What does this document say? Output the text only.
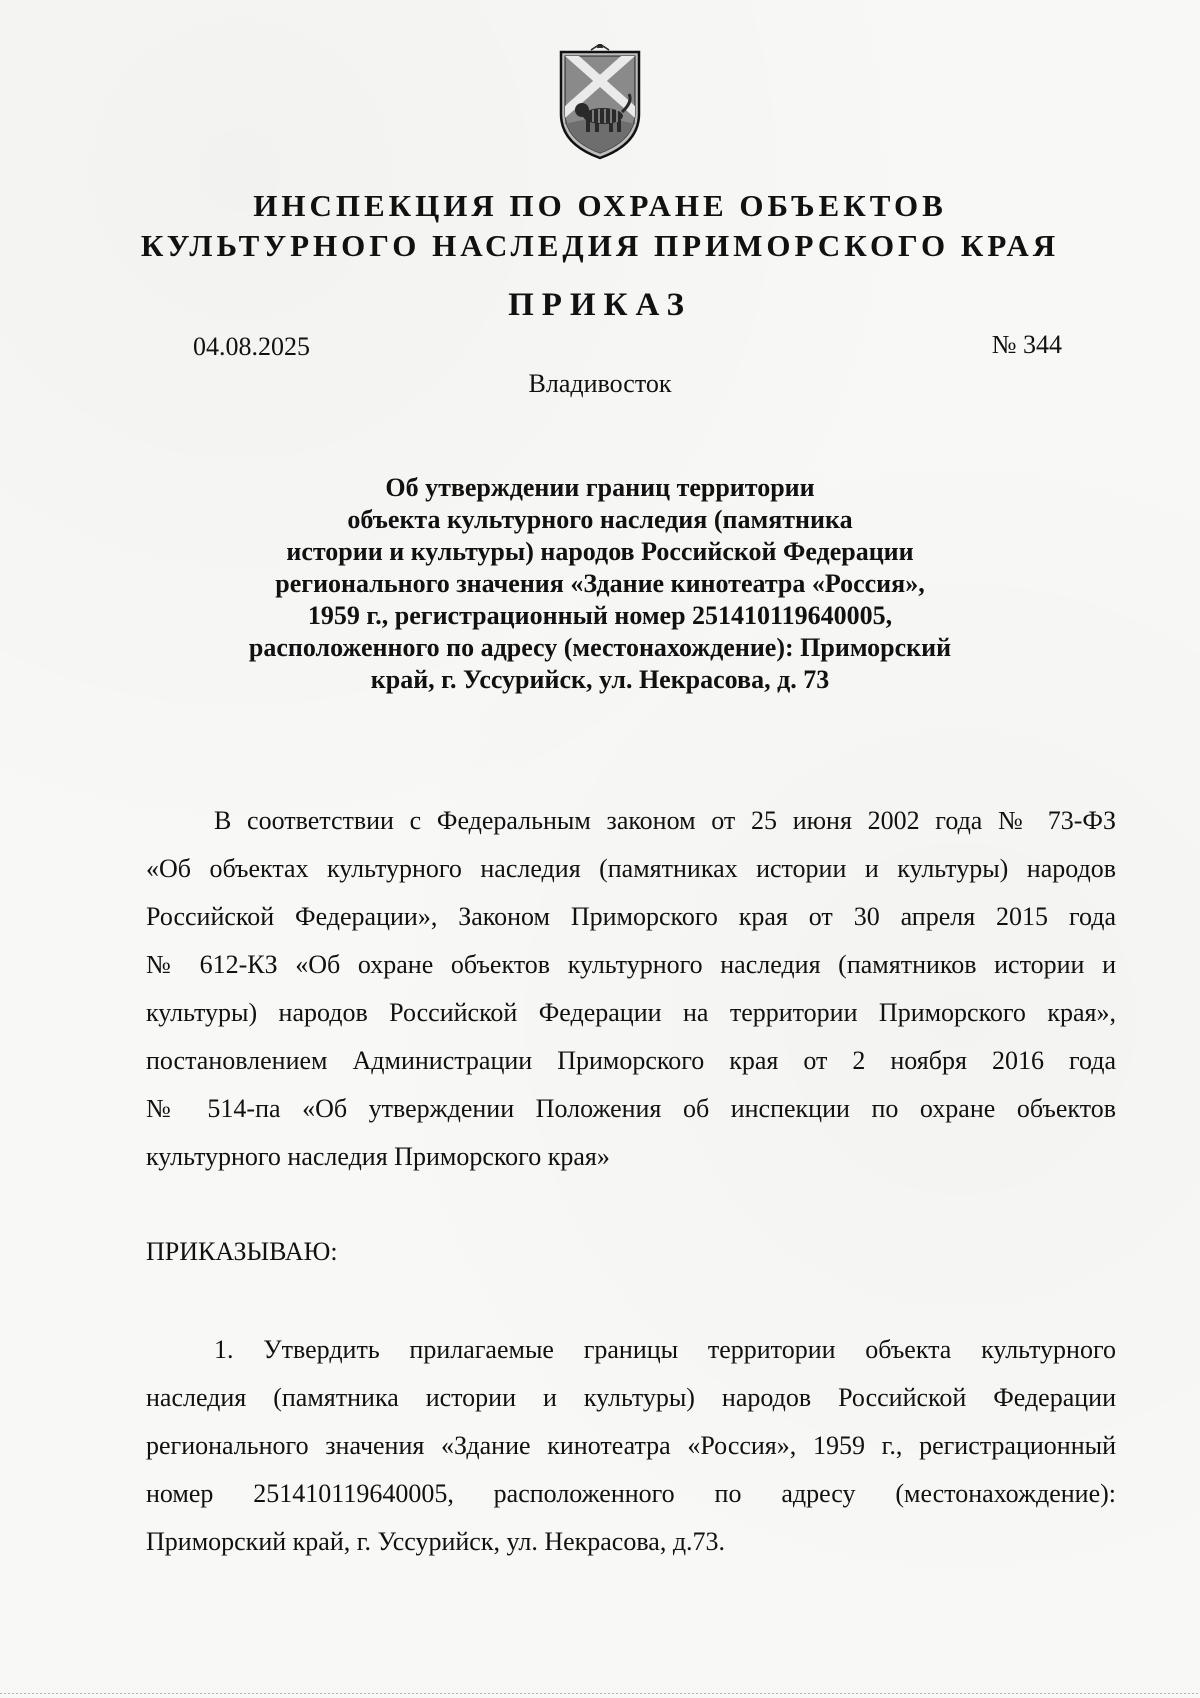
ИНСПЕКЦИЯ ПО ОХРАНЕ ОБЪЕКТОВ
КУЛЬТУРНОГО НАСЛЕДИЯ ПРИМОРСКОГО КРАЯ
ПРИКАЗ
04.08.2025	№ 344
Владивосток
Об утверждении границ территории
объекта культурного наследия (памятника
истории и культуры) народов Российской Федерации
регионального значения «Здание кинотеатра «Россия»,
1959 г., регистрационный номер 251410119640005,
расположенного по адресу (местонахождение): Приморский
край, г. Уссурийск, ул. Некрасова, д. 73
В соответствии с Федеральным законом от 25 июня 2002 года № 73-ФЗ
«Об объектах культурного наследия (памятниках истории и культуры) народов
Российской Федерации», Законом Приморского края от 30 апреля 2015 года
№ 612-КЗ «Об охране объектов культурного наследия (памятников истории и
культуры) народов Российской Федерации на территории Приморского края»,
постановлением Администрации Приморского края от 2 ноября 2016 года
№ 514-па «Об утверждении Положения об инспекции по охране объектов
культурного наследия Приморского края»
ПРИКАЗЫВАЮ:
1. Утвердить прилагаемые границы территории объекта культурного
наследия (памятника истории и культуры) народов Российской Федерации
регионального значения «Здание кинотеатра «Россия», 1959 г., регистрационный
номер 251410119640005, расположенного по адресу (местонахождение):
Приморский край, г. Уссурийск, ул. Некрасова, д.73.
